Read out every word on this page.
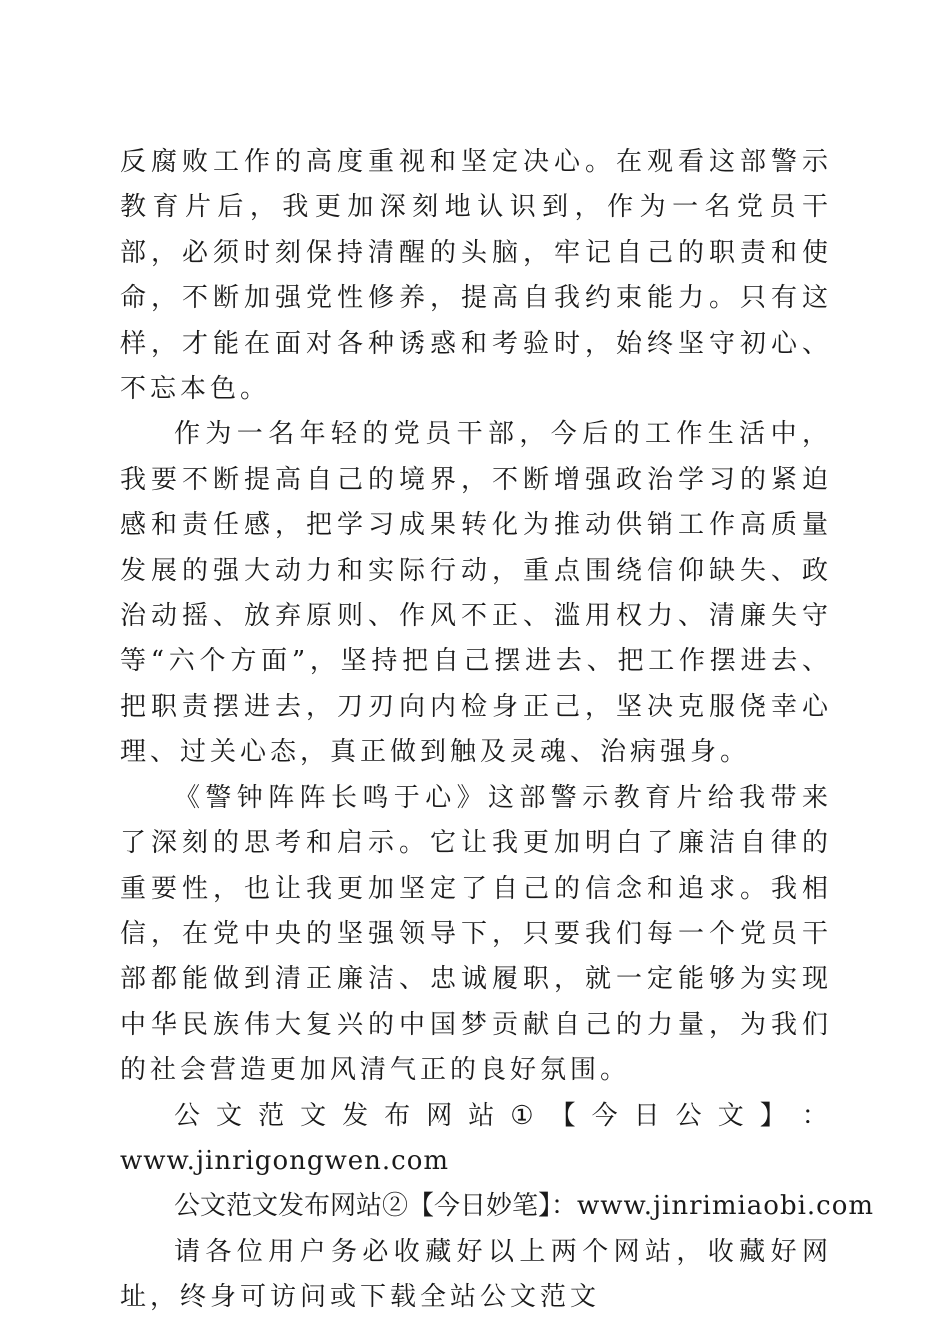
反腐败工作的高度重视和坚定决心。在观看这部警示教育片后，我更加深刻地认识到，作为一名党员干部，必须时刻保持清醒的头脑，牢记自己的职责和使命，不断加强党性修养，提高自我约束能力。只有这样，才能在面对各种诱惑和考验时，始终坚守初心、不忘本色。

作为一名年轻的党员干部，今后的工作生活中，我要不断提高自己的境界，不断增强政治学习的紧迫感和责任感，把学习成果转化为推动供销工作高质量发展的强大动力和实际行动，重点围绕信仰缺失、政治动摇、放弃原则、作风不正、滥用权力、清廉失守等“六个方面”，坚持把自己摆进去、把工作摆进去、把职责摆进去，刀刃向内检身正己，坚决克服侥幸心理、过关心态，真正做到触及灵魂、治病强身。

《警钟阵阵长鸣于心》这部警示教育片给我带来了深刻的思考和启示。它让我更加明白了廉洁自律的重要性，也让我更加坚定了自己的信念和追求。我相信，在党中央的坚强领导下，只要我们每一个党员干部都能做到清正廉洁、忠诚履职，就一定能够为实现中华民族伟大复兴的中国梦贡献自己的力量，为我们的社会营造更加风清气正的良好氛围。

公 文 范 文 发 布 网 站 ① 【 今 日 公 文 】 ：
www.jinrigongwen.com
公文范文发布网站②【今日妙笔】：www.jinrimiaobi.com

请各位用户务必收藏好以上两个网站，收藏好网址，终身可访问或下载全站公文范文
